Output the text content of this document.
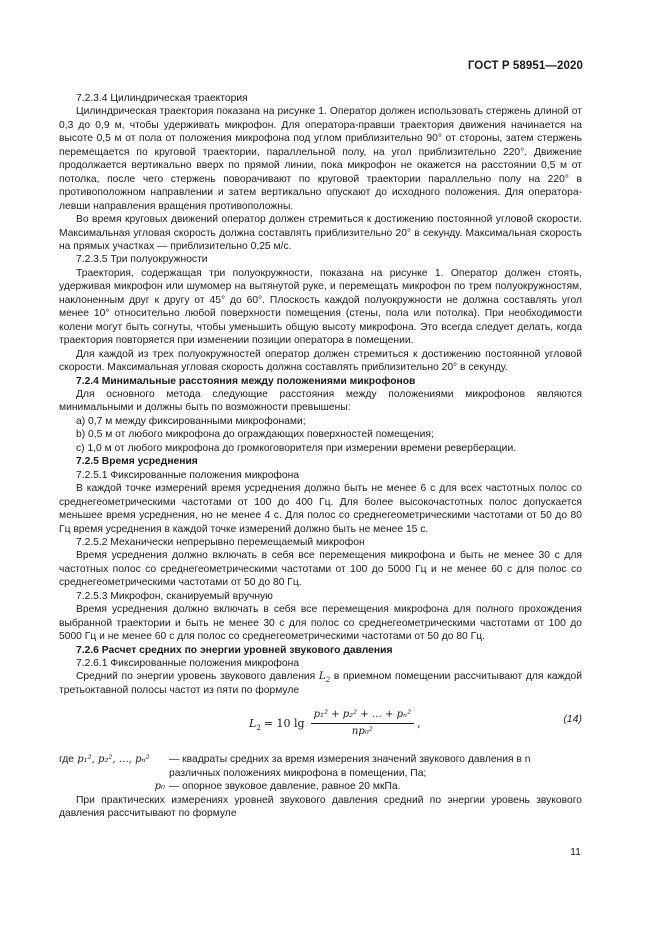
ГОСТ Р 58951—2020

7.2.3.4 Цилиндрическая траектория

Цилиндрическая траектория показана на рисунке 1. Оператор должен использовать стержень длиной от 0,3 до 0,9 м, чтобы удерживать микрофон. Для оператора-правши траектория движения начинается на высоте 0,5 м от пола от положения микрофона под углом приблизительно 90° от стороны, затем стержень перемещается по круговой траектории, параллельной полу, на угол приблизительно 220°. Движение продолжается вертикально вверх по прямой линии, пока микрофон не окажется на расстоянии 0,5 м от потолка, после чего стержень поворачивают по круговой траектории параллельно полу на 220° в противоположном направлении и затем вертикально опускают до исходного положения. Для оператора-левши направления вращения противоположны.

Во время круговых движений оператор должен стремиться к достижению постоянной угловой скорости. Максимальная угловая скорость должна составлять приблизительно 20° в секунду. Максимальная скорость на прямых участках — приблизительно 0,25 м/с.

7.2.3.5 Три полуокружности

Траектория, содержащая три полуокружности, показана на рисунке 1. Оператор должен стоять, удерживая микрофон или шумомер на вытянутой руке, и перемещать микрофон по трем полуокружностям, наклоненным друг к другу от 45° до 60°. Плоскость каждой полуокружности не должна составлять угол менее 10° относительно любой поверхности помещения (стены, пола или потолка). При необходимости колени могут быть согнуты, чтобы уменьшить общую высоту микрофона. Это всегда следует делать, когда траектория повторяется при изменении позиции оператора в помещении.

Для каждой из трех полуокружностей оператор должен стремиться к достижению постоянной угловой скорости. Максимальная угловая скорость должна составлять приблизительно 20° в секунду.

7.2.4 Минимальные расстояния между положениями микрофонов

Для основного метода следующие расстояния между положениями микрофонов являются минимальными и должны быть по возможности превышены:

а) 0,7 м между фиксированными микрофонами;

b) 0,5 м от любого микрофона до ограждающих поверхностей помещения;

с) 1,0 м от любого микрофона до громкоговорителя при измерении времени реверберации.

7.2.5 Время усреднения

7.2.5.1 Фиксированные положения микрофона

В каждой точке измерений время усреднения должно быть не менее 6 с для всех частотных полос со среднегеометрическими частотами от 100 до 400 Гц. Для более высокочастотных полос допускается меньшее время усреднения, но не менее 4 с. Для полос со среднегеометрическими частотами от 50 до 80 Гц время усреднения в каждой точке измерений должно быть не менее 15 с.

7.2.5.2 Механически непрерывно перемещаемый микрофон

Время усреднения должно включать в себя все перемещения микрофона и быть не менее 30 с для частотных полос со среднегеометрическими частотами от 100 до 5000 Гц и не менее 60 с для полос со среднегеометрическими частотами от 50 до 80 Гц.

7.2.5.3 Микрофон, сканируемый вручную

Время усреднения должно включать в себя все перемещения микрофона для полного прохождения выбранной траектории и быть не менее 30 с для полос со среднегеометрическими частотами от 100 до 5000 Гц и не менее 60 с для полос со среднегеометрическими частотами от 50 до 80 Гц.

7.2.6 Расчет средних по энергии уровней звукового давления

7.2.6.1 Фиксированные положения микрофона

Средний по энергии уровень звукового давления $L_2$ в приемном помещении рассчитывают для каждой третьоктавной полосы частот из пяти по формуле

$L_2 = 10$ $\lg \frac{\text{p₁² + p₂² + … + pₙ²}}{\text{np₀²}}$ ,	(14)
где p₁², p₂², …, pₙ²	— квадраты средних за время измерения значений звукового давления в n различных положениях микрофона в помещении, Па;
p₀ — опорное звуковое давление, равное 20 мкПа.

При практических измерениях уровней звукового давления средний по энергии уровень звукового давления рассчитывают по формуле

11
